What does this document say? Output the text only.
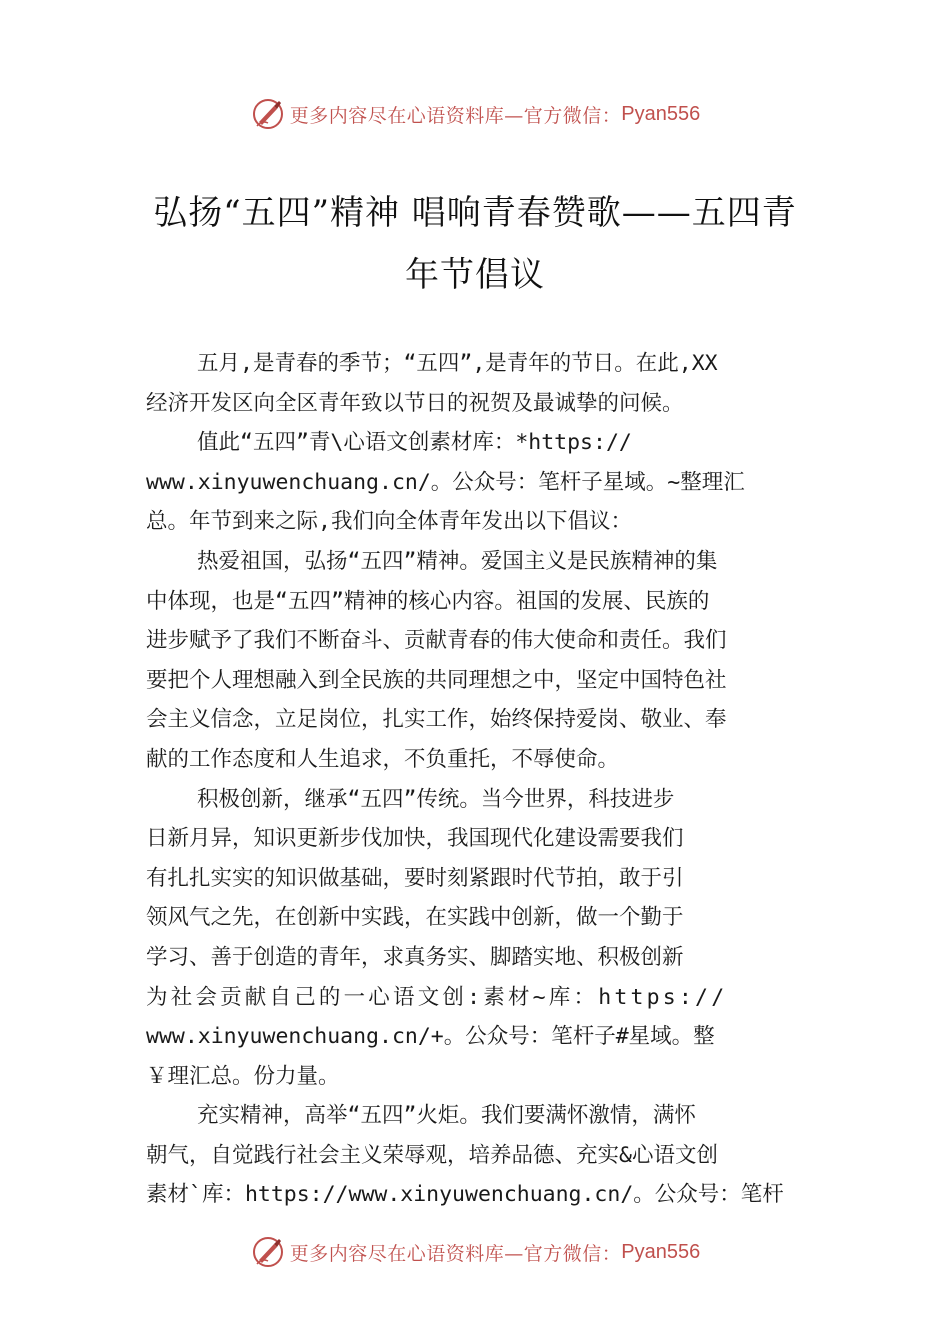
更多内容尽在心语资料库—官方微信： Pyan556
弘扬“五四”精神 唱响青春赞歌——五四青
年节倡议
五月,是青春的季节；“五四”,是青年的节日。在此,XX
经济开发区向全区青年致以节日的祝贺及最诚挚的问候。
值此“五四”青\心语文创素材库：*https://
www.xinyuwenchuang.cn/。公众号：笔杆子星域。~整理汇
总。年节到来之际,我们向全体青年发出以下倡议：
热爱祖国，弘扬“五四”精神。爱国主义是民族精神的集
中体现，也是“五四”精神的核心内容。祖国的发展、民族的
进步赋予了我们不断奋斗、贡献青春的伟大使命和责任。我们
要把个人理想融入到全民族的共同理想之中，坚定中国特色社
会主义信念，立足岗位，扎实工作，始终保持爱岗、敬业、奉
献的工作态度和人生追求，不负重托，不辱使命。
积极创新，继承“五四”传统。当今世界，科技进步
日新月异，知识更新步伐加快，我国现代化建设需要我们
有扎扎实实的知识做基础，要时刻紧跟时代节拍，敢于引
领风气之先，在创新中实践，在实践中创新，做一个勤于
学习、善于创造的青年，求真务实、脚踏实地、积极创新
为社会贡献自己的一心语文创:素材~库：https://
www.xinyuwenchuang.cn/+。公众号：笔杆子#星域。整
￥理汇总。份力量。
充实精神，高举“五四”火炬。我们要满怀激情，满怀
朝气，自觉践行社会主义荣辱观，培养品德、充实&心语文创
素材`库：https://www.xinyuwenchuang.cn/。公众号：笔杆
更多内容尽在心语资料库—官方微信： Pyan556
